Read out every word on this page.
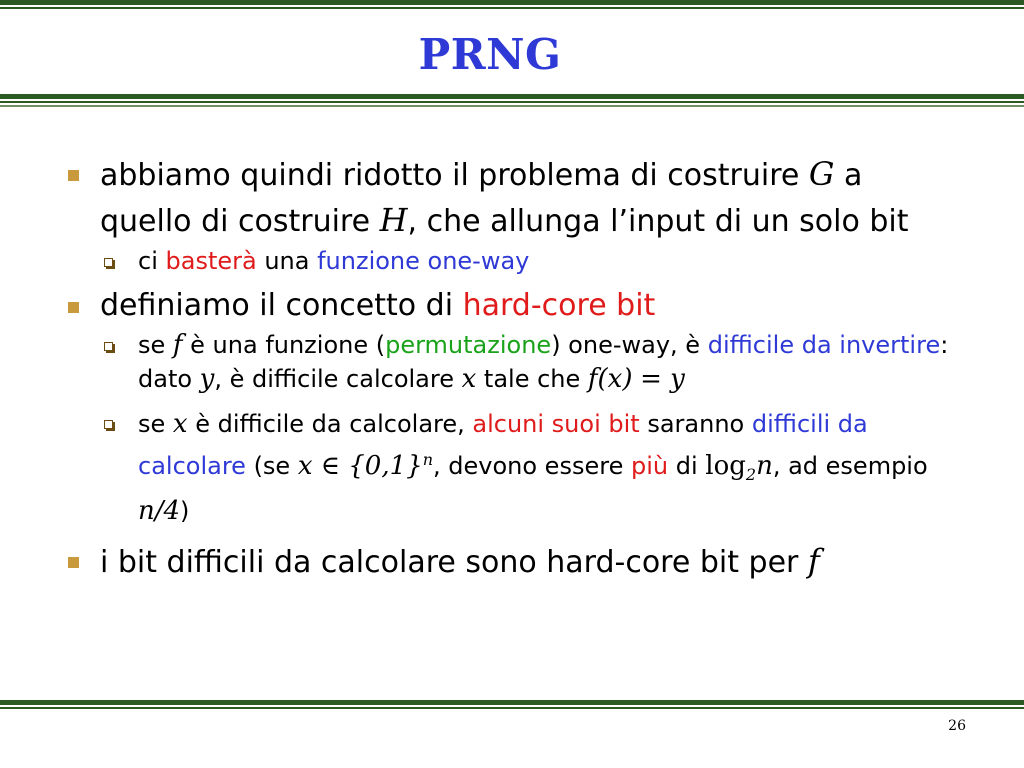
PRNG
abbiamo quindi ridotto il problema di costruire G a quello di costruire H, che allunga l’input di un solo bit
ci basterà una funzione one-way
definiamo il concetto di hard-core bit
se f è una funzione (permutazione) one-way, è difficile da invertire: dato y, è difficile calcolare x tale che f(x) = y
se x è difficile da calcolare, alcuni suoi bit saranno difficili da calcolare (se x ∈ $\{0,1\}^n$, devono essere più di $\log_2n$, ad esempio n/4)
i bit difficili da calcolare sono hard-core bit per f
26
